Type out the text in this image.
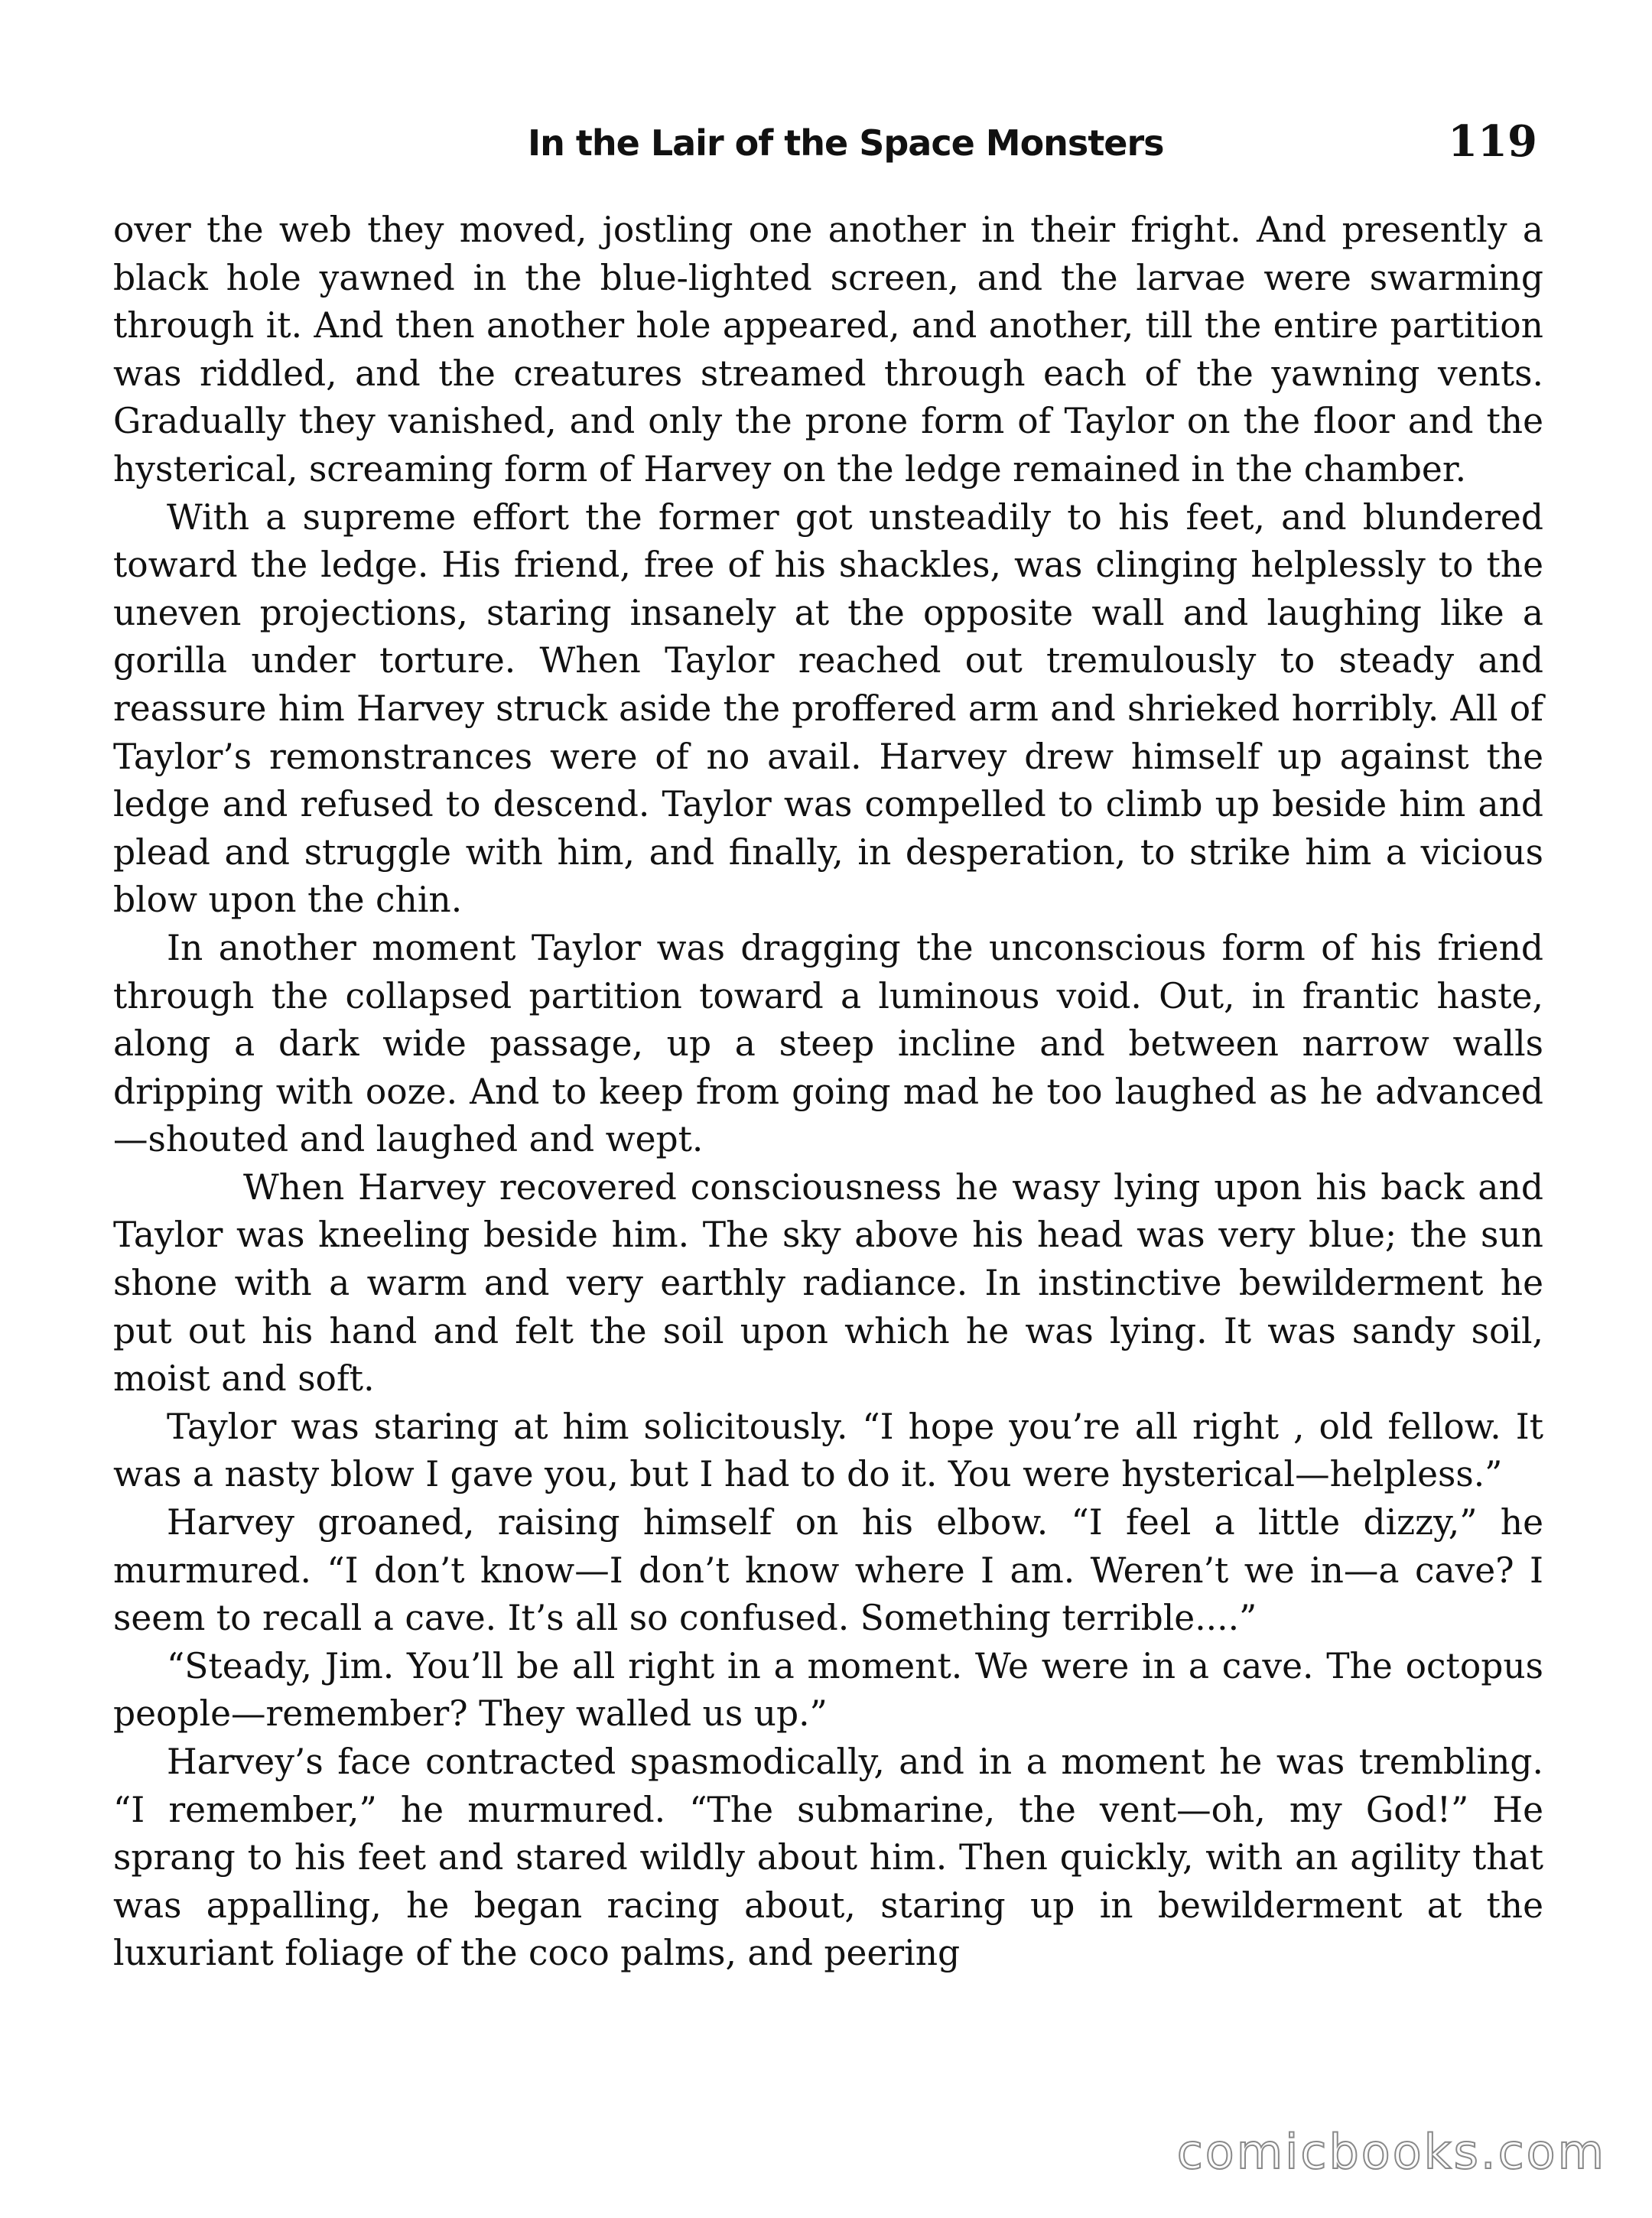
In the Lair of the Space Monsters	119

over the web they moved, jostling one another in their fright. And presently a black hole yawned in the blue-lighted screen, and the larvae were swarming through it. And then another hole appeared, and another, till the entire partition was riddled, and the creatures streamed through each of the yawning vents. Gradually they vanished, and only the prone form of Taylor on the floor and the hysterical, screaming form of Harvey on the ledge remained in the chamber.

With a supreme effort the former got unsteadily to his feet, and blundered toward the ledge. His friend, free of his shackles, was clinging helplessly to the uneven projections, staring insanely at the opposite wall and laughing like a gorilla under torture. When Taylor reached out tremulously to steady and reassure him Harvey struck aside the proffered arm and shrieked horribly. All of Taylor’s remonstrances were of no avail. Harvey drew himself up against the ledge and refused to descend. Taylor was compelled to climb up beside him and plead and struggle with him, and finally, in desperation, to strike him a vicious blow upon the chin.

In another moment Taylor was dragging the unconscious form of his friend through the collapsed partition toward a luminous void. Out, in frantic haste, along a dark wide passage, up a steep incline and between narrow walls dripping with ooze. And to keep from going mad he too laughed as he advanced—shouted and laughed and wept.

When Harvey recovered consciousness he wasy lying upon his back and Taylor was kneeling beside him. The sky above his head was very blue; the sun shone with a warm and very earthly radiance. In instinctive bewilderment he put out his hand and felt the soil upon which he was lying. It was sandy soil, moist and soft.

Taylor was staring at him solicitously. “I hope you’re all right , old fellow. It was a nasty blow I gave you, but I had to do it. You were hysterical—helpless.”

Harvey groaned, raising himself on his elbow. “I feel a little dizzy,” he murmured. “I don’t know—I don’t know where I am. Weren’t we in—a cave? I seem to recall a cave. It’s all so confused. Something terrible....”

“Steady, Jim. You’ll be all right in a moment. We were in a cave. The octopus people—remember? They walled us up.”

Harvey’s face contracted spasmodically, and in a moment he was trembling. “I remember,” he murmured. “The submarine, the vent—oh, my God!” He sprang to his feet and stared wildly about him. Then quickly, with an agility that was appalling, he began racing about, staring up in bewilderment at the luxuriant foliage of the coco palms, and peering

comicbooks.com
